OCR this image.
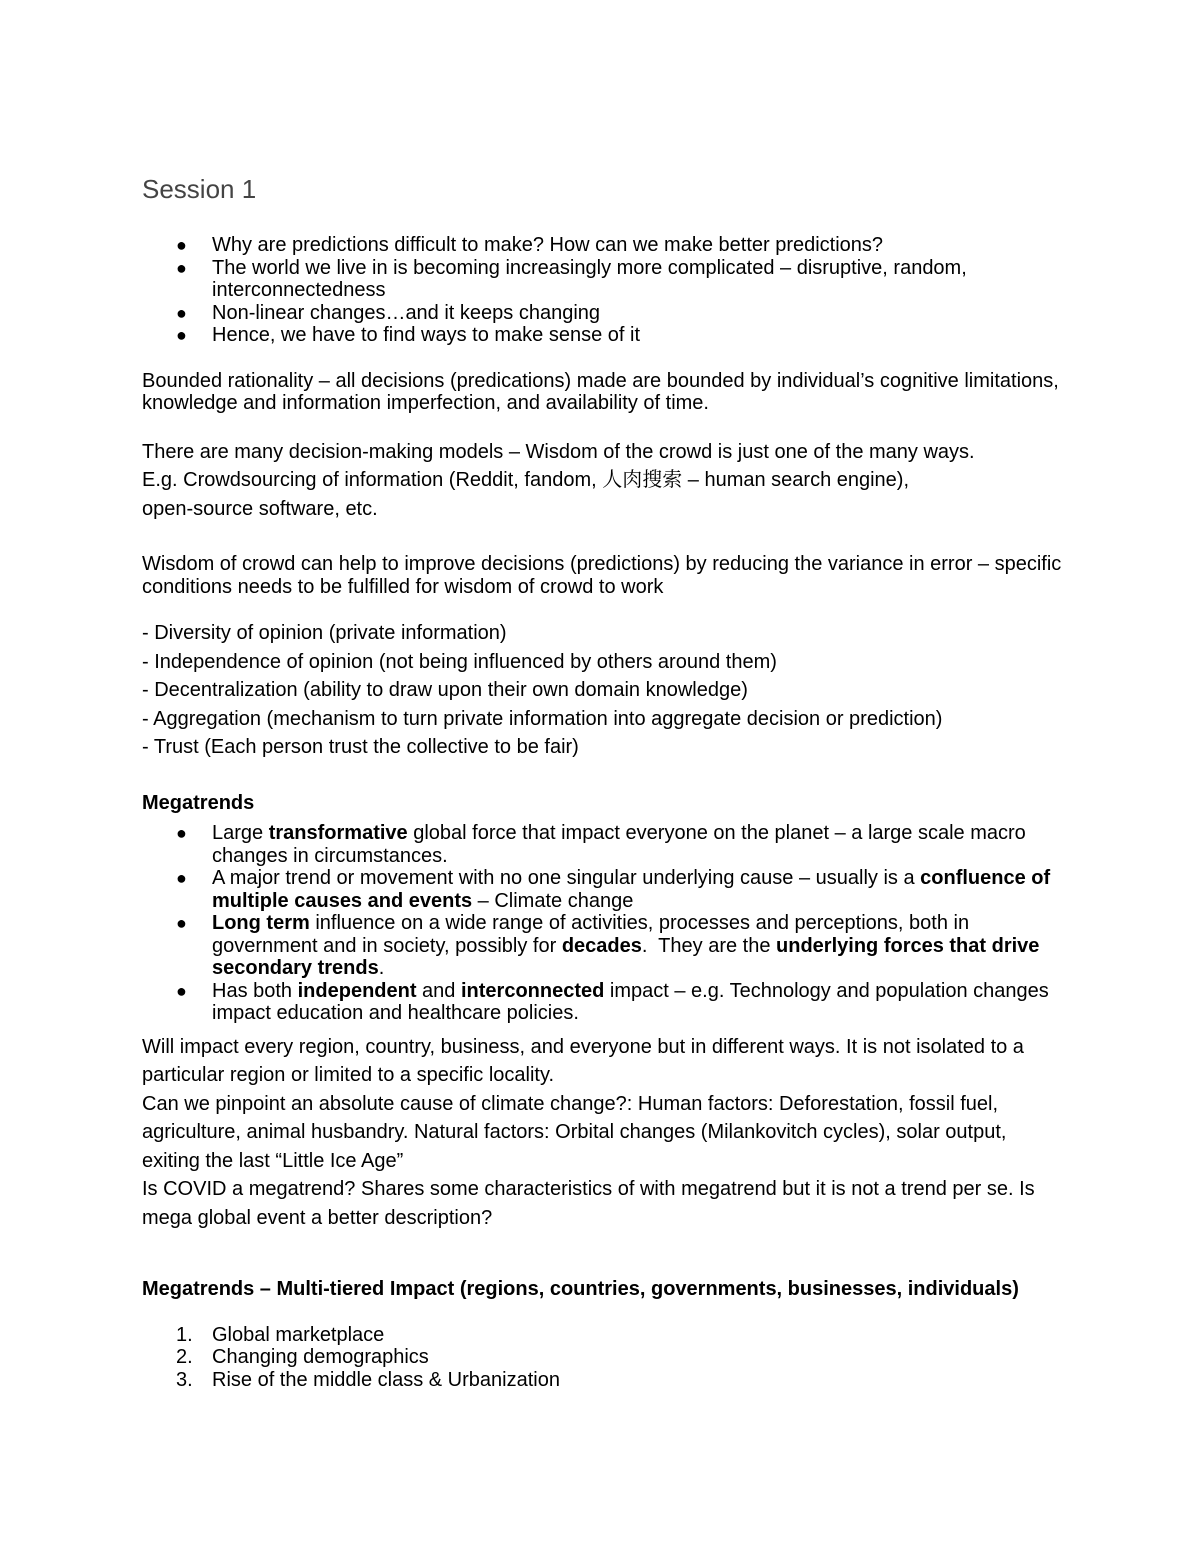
Session 1
● Why are predictions difficult to make? How can we make better predictions?
● The world we live in is becoming increasingly more complicated – disruptive, random, interconnectedness
● Non-linear changes…and it keeps changing
● Hence, we have to find ways to make sense of it

Bounded rationality – all decisions (predications) made are bounded by individual’s cognitive limitations, knowledge and information imperfection, and availability of time.

There are many decision-making models – Wisdom of the crowd is just one of the many ways.

E.g. Crowdsourcing of information (Reddit, fandom, 人肉搜索 – human search engine),

open-source software, etc.

Wisdom of crowd can help to improve decisions (predictions) by reducing the variance in error – specific conditions needs to be fulfilled for wisdom of crowd to work

- Diversity of opinion (private information)

- Independence of opinion (not being influenced by others around them)

- Decentralization (ability to draw upon their own domain knowledge)

- Aggregation (mechanism to turn private information into aggregate decision or prediction)

- Trust (Each person trust the collective to be fair)

Megatrends

● Large transformative global force that impact everyone on the planet – a large scale macro changes in circumstances.
● A major trend or movement with no one singular underlying cause – usually is a confluence of multiple causes and events – Climate change
● Long term influence on a wide range of activities, processes and perceptions, both in government and in society, possibly for decades.  They are the underlying forces that drive secondary trends.
● Has both independent and interconnected impact – e.g. Technology and population changes impact education and healthcare policies.

Will impact every region, country, business, and everyone but in different ways. It is not isolated to a particular region or limited to a specific locality.

Can we pinpoint an absolute cause of climate change?: Human factors: Deforestation, fossil fuel, agriculture, animal husbandry. Natural factors: Orbital changes (Milankovitch cycles), solar output, exiting the last “Little Ice Age”

Is COVID a megatrend? Shares some characteristics of with megatrend but it is not a trend per se. Is mega global event a better description?

Megatrends – Multi-tiered Impact (regions, countries, governments, businesses, individuals)

1. Global marketplace
2. Changing demographics
3. Rise of the middle class & Urbanization
